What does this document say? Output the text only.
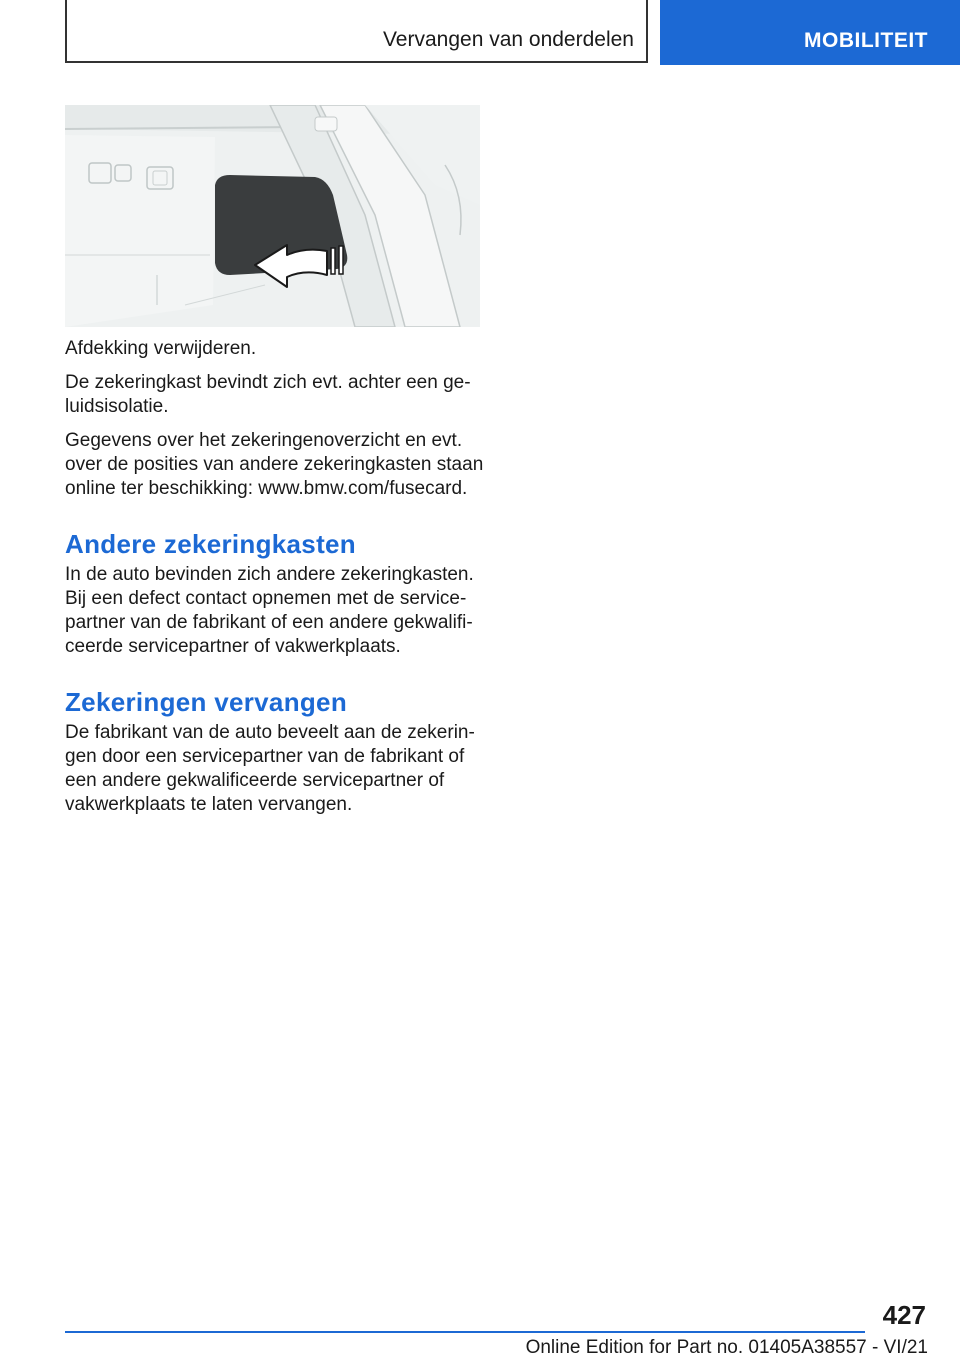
Vervangen van onderdelen	MOBILITEIT

Afdekking verwijderen.

De zekeringkast bevindt zich evt. achter een ge‐
luidsisolatie.

Gegevens over het zekeringenoverzicht en evt. over de posities van andere zekeringkasten staan online ter beschikking: www.bmw.com/fusecard.

Andere zekeringkasten

In de auto bevinden zich andere zekeringkasten. Bij een defect contact opnemen met de service‐partner van de fabrikant of een andere gekwalifi‐ceerde servicepartner of vakwerkplaats.

Zekeringen vervangen

De fabrikant van de auto beveelt aan de zekerin‐gen door een servicepartner van de fabrikant of een andere gekwalificeerde servicepartner of vakwerkplaats te laten vervangen.

427
Online Edition for Part no. 01405A38557 - VI/21
